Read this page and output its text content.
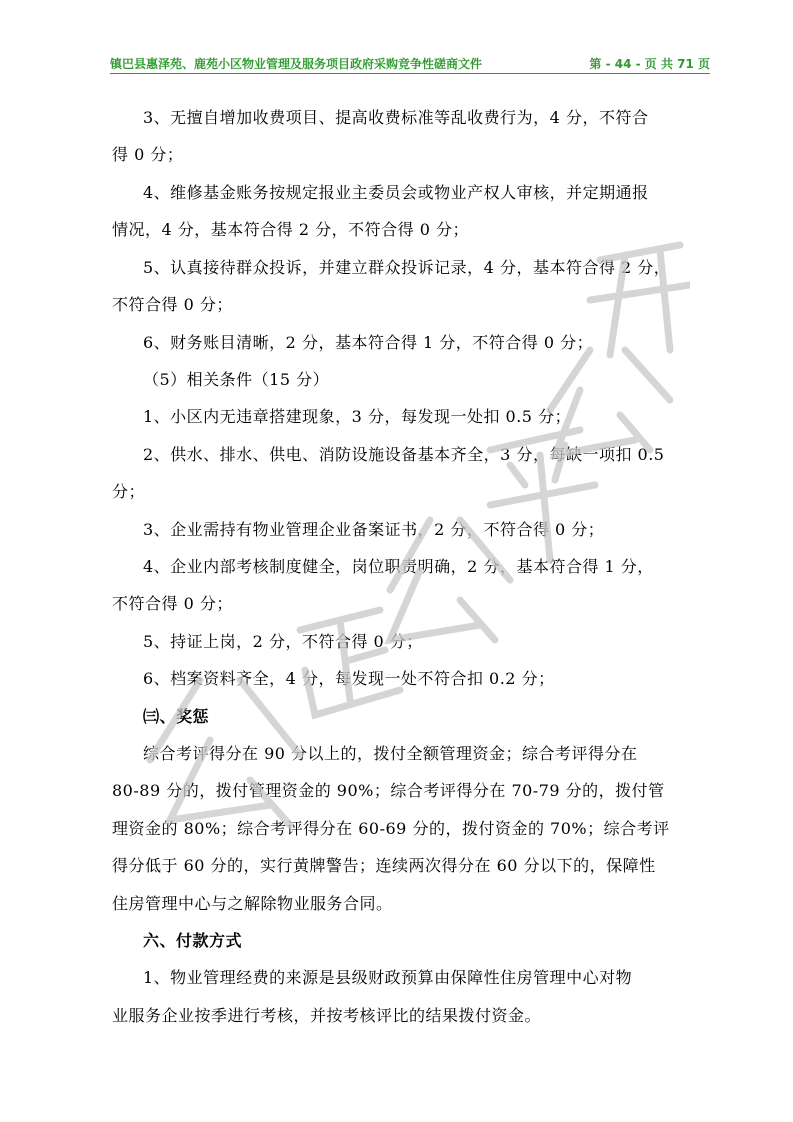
镇巴县惠泽苑、鹿苑小区物业管理及服务项目政府采购竞争性磋商文件	第 - 44 - 页 共 71 页
3、无擅自增加收费项目、提高收费标准等乱收费行为，4 分，不符合
得 0 分；
4、维修基金账务按规定报业主委员会或物业产权人审核，并定期通报
情况，4 分，基本符合得 2 分，不符合得 0 分；
5、认真接待群众投诉，并建立群众投诉记录，4 分，基本符合得 2 分，
不符合得 0 分；
6、财务账目清晰，2 分，基本符合得 1 分，不符合得 0 分；
（5）相关条件（15 分）
1、小区内无违章搭建现象，3 分，每发现一处扣 0.5 分；
2、供水、排水、供电、消防设施设备基本齐全，3 分，每缺一项扣 0.5
分；
3、企业需持有物业管理企业备案证书，2 分，不符合得 0 分；
4、企业内部考核制度健全，岗位职责明确，2 分，基本符合得 1 分，
不符合得 0 分；
5、持证上岗，2 分，不符合得 0 分；
6、档案资料齐全，4 分，每发现一处不符合扣 0.2 分；
㈢、奖惩
综合考评得分在 90 分以上的，拨付全额管理资金；综合考评得分在
80-89 分的，拨付管理资金的 90%；综合考评得分在 70-79 分的，拨付管
理资金的 80%；综合考评得分在 60-69 分的，拨付资金的 70%；综合考评
得分低于 60 分的，实行黄牌警告；连续两次得分在 60 分以下的，保障性
住房管理中心与之解除物业服务合同。
六、付款方式
1、物业管理经费的来源是县级财政预算由保障性住房管理中心对物
业服务企业按季进行考核，并按考核评比的结果拨付资金。
